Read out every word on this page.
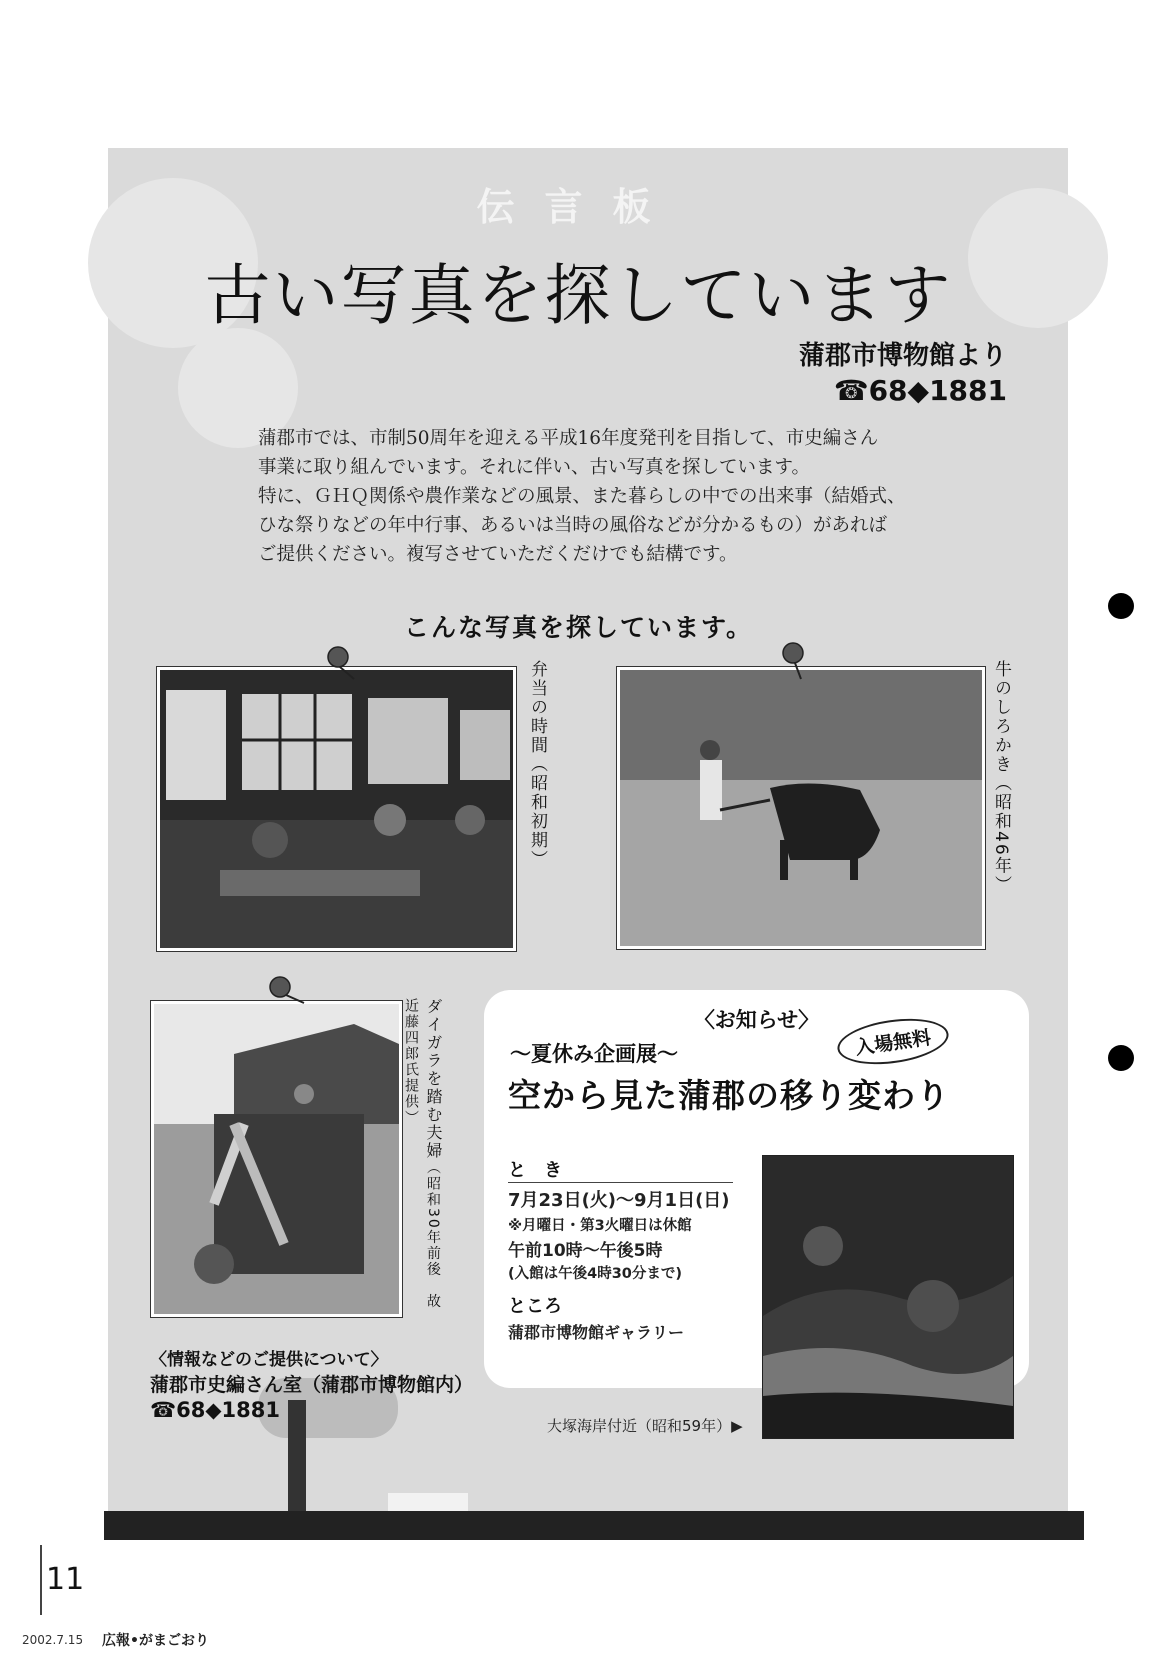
伝言板
古い写真を探しています
蒲郡市博物館より
☎68◆1881

蒲郡市では、市制50周年を迎える平成16年度発刊を目指して、市史編さん

事業に取り組んでいます。それに伴い、古い写真を探しています。

特に、ＧＨＱ関係や農作業などの風景、また暮らしの中での出来事（結婚式、

ひな祭りなどの年中行事、あるいは当時の風俗などが分かるもの）があれば

ご提供ください。複写させていただくだけでも結構です。

こんな写真を探しています。
弁当の時間（昭和初期）
牛のしろかき（昭和46年）
ダイガラを踏む夫婦（昭和30年前後　故近藤四郎氏提供）
〈情報などのご提供について〉
蒲郡市史編さん室（蒲郡市博物館内）
☎68◆1881
〈お知らせ〉
入場無料
〜夏休み企画展〜
空から見た蒲郡の移り変わり
と　き
7月23日(火)〜9月1日(日)
※月曜日・第3火曜日は休館
午前10時〜午後5時
(入館は午後4時30分まで)
ところ
蒲郡市博物館ギャラリー
大塚海岸付近（昭和59年）▶
11
2002.7.15 広報•がまごおり
